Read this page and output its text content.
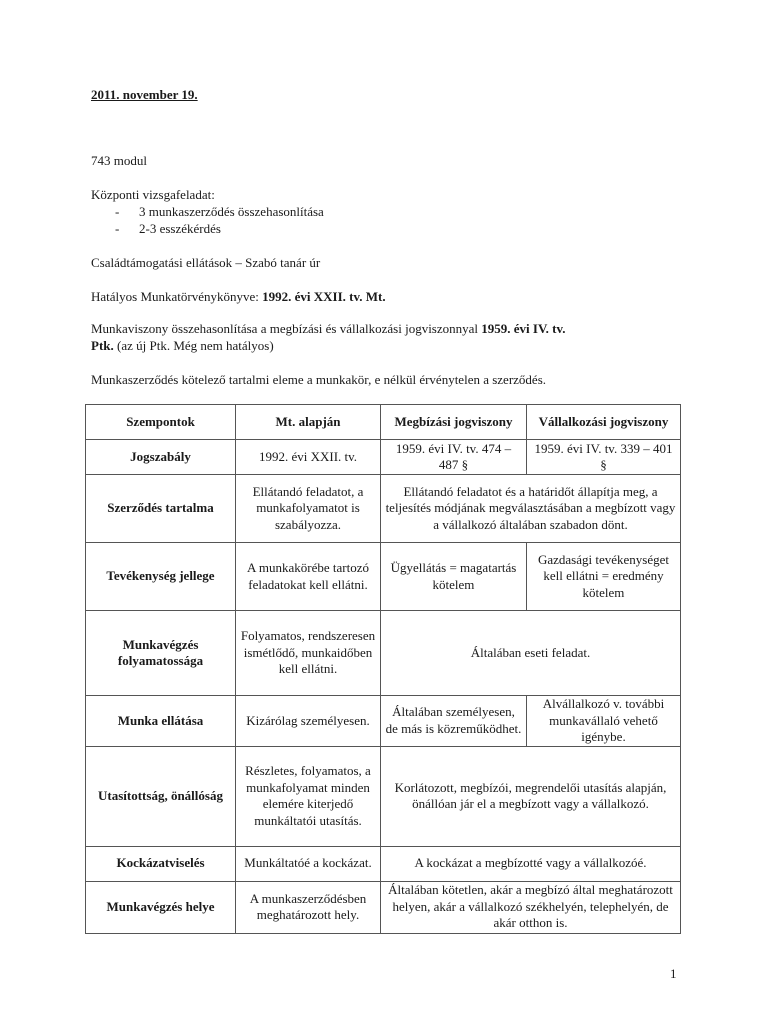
2011. november 19.
743 modul
Központi vizsgafeladat:
- 3 munkaszerződés összehasonlítása
- 2-3 esszékérdés
Családtámogatási ellátások – Szabó tanár úr
Hatályos Munkatörvénykönyve: 1992. évi XXII. tv. Mt.
Munkaviszony összehasonlítása a megbízási és vállalkozási jogviszonnyal 1959. évi IV. tv.
Ptk. (az új Ptk. Még nem hatályos)
Munkaszerződés kötelező tartalmi eleme a munkakör, e nélkül érvénytelen a szerződés.
Szempontok	Mt. alapján	Megbízási jogviszony	Vállalkozási jogviszony
Jogszabály	1992. évi XXII. tv.	1959. évi IV. tv. 474 – 487 §	1959. évi IV. tv. 339 – 401 §
Szerződés tartalma	Ellátandó feladatot, a munkafolyamatot is szabályozza.	Ellátandó feladatot és a határidőt állapítja meg, a teljesítés módjának megválasztásában a megbízott vagy a vállalkozó általában szabadon dönt.	
Tevékenység jellege	A munkakörébe tartozó feladatokat kell ellátni.	Ügyellátás = magatartás kötelem	Gazdasági tevékenységet kell ellátni = eredmény kötelem
Munkavégzés folyamatossága	Folyamatos, rendszeresen ismétlődő, munkaidőben kell ellátni.	Általában eseti feladat.	
Munka ellátása	Kizárólag személyesen.	Általában személyesen, de más is közreműködhet.	Alvállalkozó v. további munkavállaló vehető igénybe.
Utasítottság, önállóság	Részletes, folyamatos, a munkafolyamat minden elemére kiterjedő munkáltatói utasítás.	Korlátozott, megbízói, megrendelői utasítás alapján, önállóan jár el a megbízott vagy a vállalkozó.	
Kockázatviselés	Munkáltatóé a kockázat.	A kockázat a megbízotté vagy a vállalkozóé.	
Munkavégzés helye	A munkaszerződésben meghatározott hely.	Általában kötetlen, akár a megbízó által meghatározott helyen, akár a vállalkozó székhelyén, telephelyén, de akár otthon is.	
1
